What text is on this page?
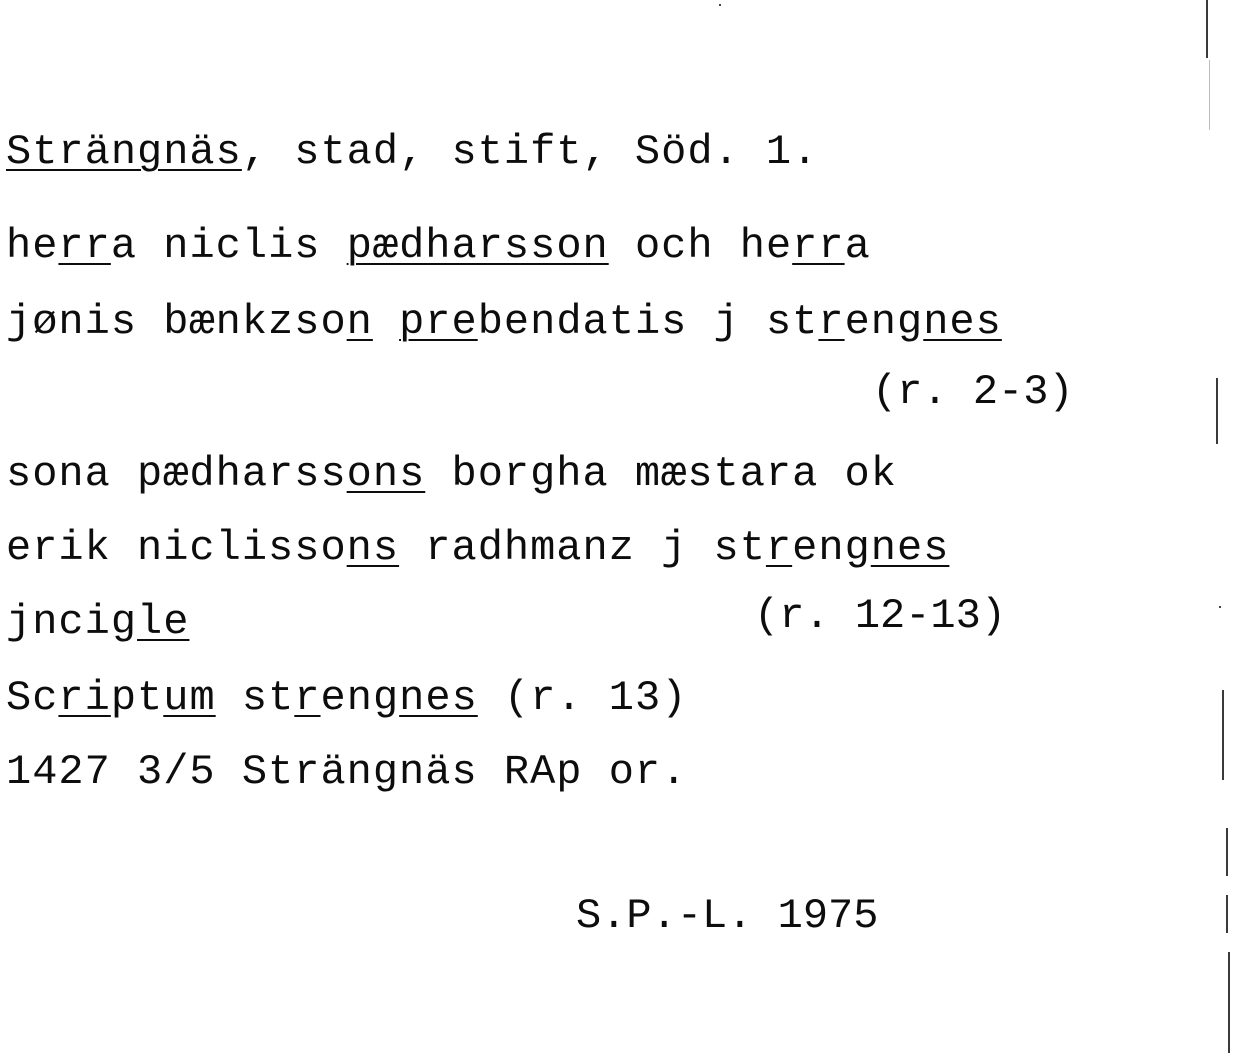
Strängnäs, stad, stift, Söd. 1.
herra niclis pædharsson och herra
jønis bænkzson prebendatis j strengnes
(r. 2-3)
sona pædharssons borgha mæstara ok
erik niclissons radhmanz j strengnes
jncigle	(r. 12-13)
Scriptum strengnes (r. 13)
1427 3/5 Strängnäs RAp or.
S.P.-L. 1975
